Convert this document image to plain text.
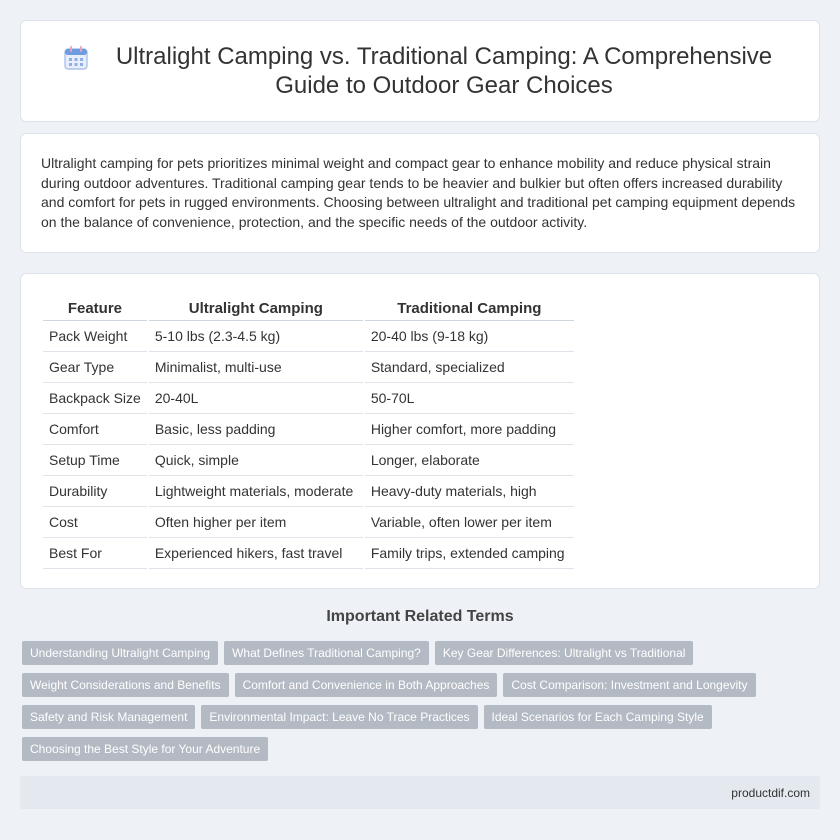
Ultralight Camping vs. Traditional Camping: A Comprehensive Guide to Outdoor Gear Choices

Ultralight camping for pets prioritizes minimal weight and compact gear to enhance mobility and reduce physical strain during outdoor adventures. Traditional camping gear tends to be heavier and bulkier but often offers increased durability and comfort for pets in rugged environments. Choosing between ultralight and traditional pet camping equipment depends on the balance of convenience, protection, and the specific needs of the outdoor activity.

Feature	Ultralight Camping	Traditional Camping
Pack Weight	5-10 lbs (2.3-4.5 kg)	20-40 lbs (9-18 kg)
Gear Type	Minimalist, multi-use	Standard, specialized
Backpack Size	20-40L	50-70L
Comfort	Basic, less padding	Higher comfort, more padding
Setup Time	Quick, simple	Longer, elaborate
Durability	Lightweight materials, moderate	Heavy-duty materials, high
Cost	Often higher per item	Variable, often lower per item
Best For	Experienced hikers, fast travel	Family trips, extended camping
Important Related Terms
Understanding Ultralight Camping	What Defines Traditional Camping?	Key Gear Differences: Ultralight vs Traditional
Weight Considerations and Benefits	Comfort and Convenience in Both Approaches	Cost Comparison: Investment and Longevity
Safety and Risk Management	Environmental Impact: Leave No Trace Practices	Ideal Scenarios for Each Camping Style
Choosing the Best Style for Your Adventure
productdif.com
